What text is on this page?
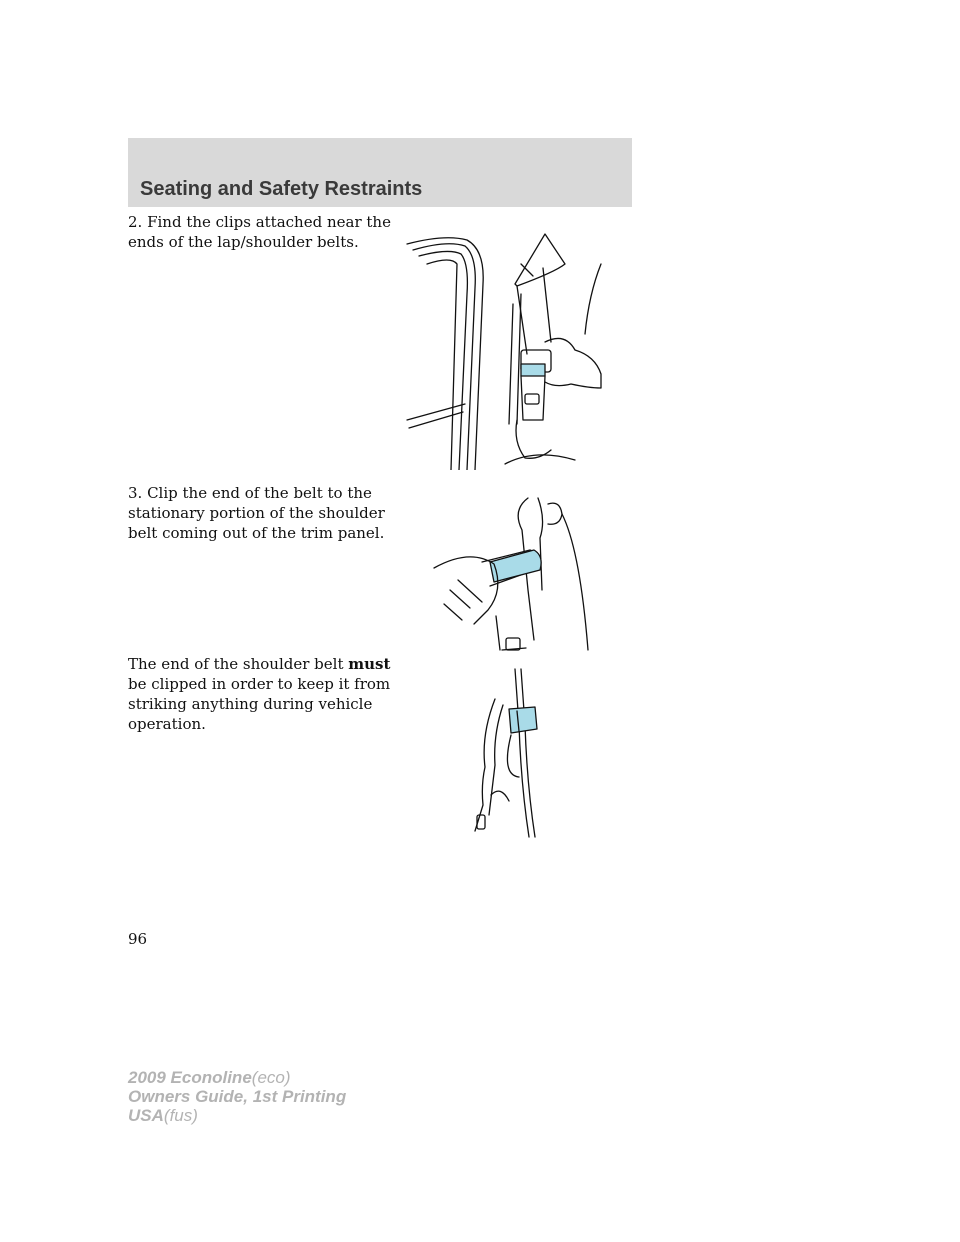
Seating and Safety Restraints

2. Find the clips attached near the ends of the lap/shoulder belts.

3. Clip the end of the belt to the stationary portion of the shoulder belt coming out of the trim panel.

The end of the shoulder belt must be clipped in order to keep it from striking anything during vehicle operation.

96
2009 Econoline(eco)
Owners Guide, 1st Printing
USA(fus)
